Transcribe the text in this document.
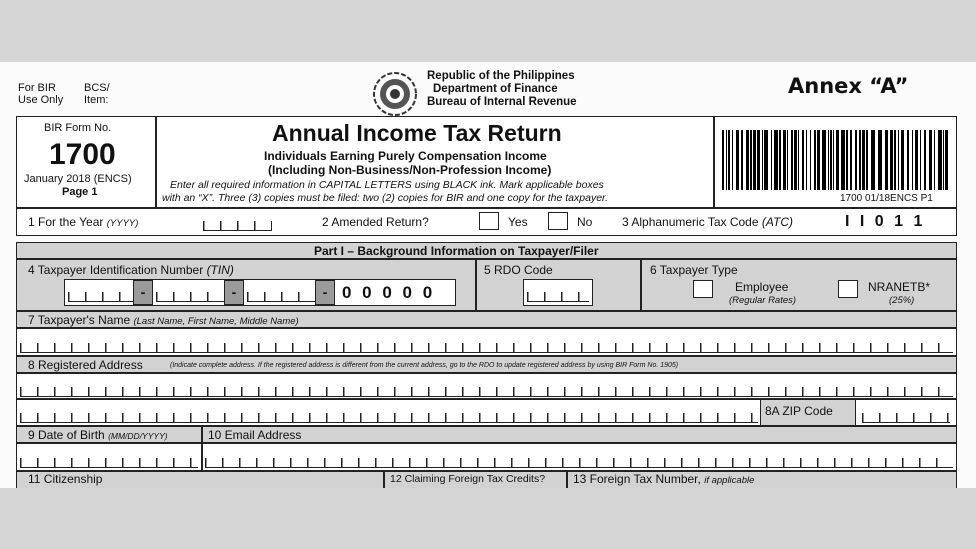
For BIR
Use Only
BCS/
Item:
Republic of the Philippines
Department of Finance
Bureau of Internal Revenue
Annex “A”
BIR Form No.
1700
January 2018 (ENCS)
Page 1
Annual Income Tax Return
Individuals Earning Purely Compensation Income
(Including Non-Business/Non-Profession Income)
Enter all required information in CAPITAL LETTERS using BLACK ink. Mark applicable boxes
with an “X”. Three (3) copies must be filed: two (2) copies for BIR and one copy for the taxpayer.	1700 01/18ENCS P1
1 For the Year (YYYY)	2 Amended Return?	Yes	No 3 Alphanumeric Tax Code (ATC)	I I 0 1 1
Part I – Background Information on Taxpayer/Filer
4 Taxpayer Identification Number (TIN)
-	-	- 0 0 0 0 0
5 RDO Code	6 Taxpayer Type
Employee
(Regular Rates)
NRANETB*
(25%)
7 Taxpayer's Name (Last Name, First Name, Middle Name)
8 Registered Address	(Indicate complete address. If the registered address is different from the current address, go to the RDO to update registered address by using BIR Form No. 1905)
8A ZIP Code
9 Date of Birth (MM/DD/YYYY)	10 Email Address
11 Citizenship	12 Claiming Foreign Tax Credits? 13 Foreign Tax Number, if applicable
